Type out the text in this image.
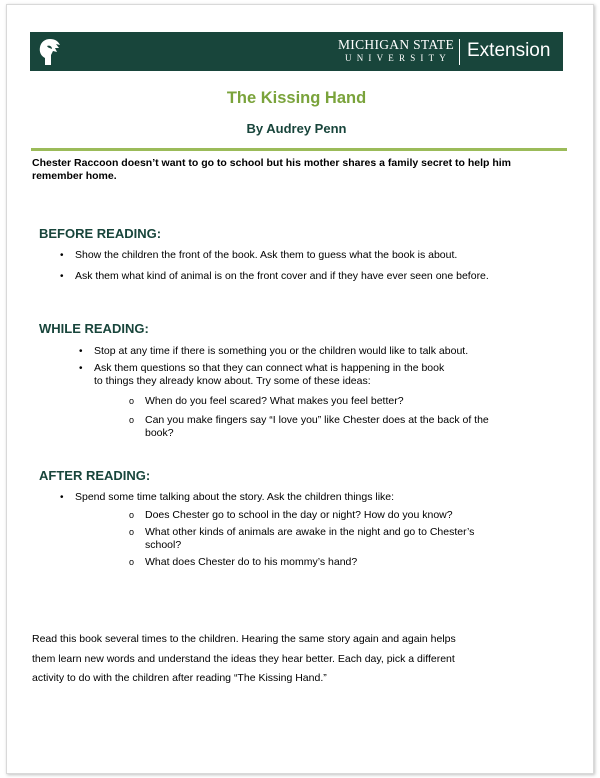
MICHIGAN STATE
UNIVERSITY Extension
The Kissing Hand
By Audrey Penn
Chester Raccoon doesn’t want to go to school but his mother shares a family secret to help him
remember home.
BEFORE READING:
• Show the children the front of the book. Ask them to guess what the book is about.
• Ask them what kind of animal is on the front cover and if they have ever seen one before.
WHILE READING:
• Stop at any time if there is something you or the children would like to talk about.
• Ask them questions so that they can connect what is happening in the book
to things they already know about. Try some of these ideas:
o When do you feel scared? What makes you feel better?
o Can you make fingers say “I love you” like Chester does at the back of the
book?
AFTER READING:
• Spend some time talking about the story. Ask the children things like:
o Does Chester go to school in the day or night? How do you know?
o What other kinds of animals are awake in the night and go to Chester’s
school?
o What does Chester do to his mommy’s hand?
Read this book several times to the children. Hearing the same story again and again helps
them learn new words and understand the ideas they hear better. Each day, pick a different
activity to do with the children after reading “The Kissing Hand.”
